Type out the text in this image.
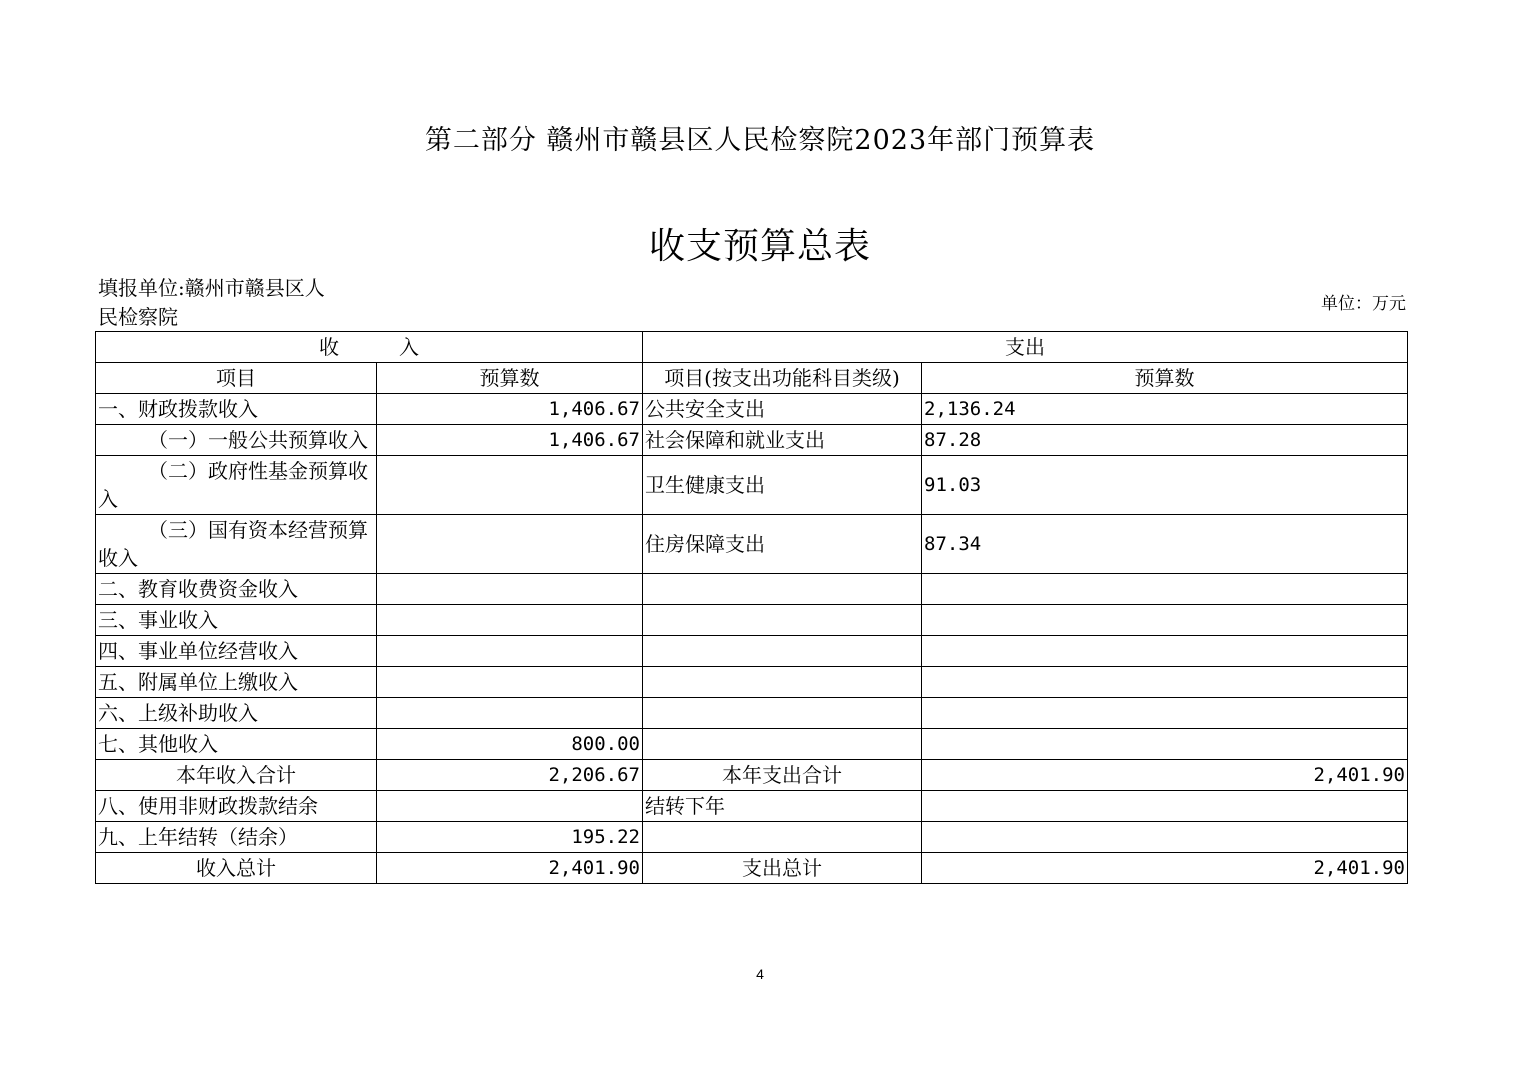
第二部分 赣州市赣县区人民检察院2023年部门预算表
收支预算总表
填报单位:赣州市赣县区人民检察院
单位：万元
收　　　入		支出	
项目	预算数	项目(按支出功能科目类级)	预算数
一、财政拨款收入	1,406.67	公共安全支出	2,136.24
（一）一般公共预算收入	1,406.67	社会保障和就业支出	87.28
（二）政府性基金预算收入		卫生健康支出	91.03
（三）国有资本经营预算收入		住房保障支出	87.34
二、教育收费资金收入			
三、事业收入			
四、事业单位经营收入			
五、附属单位上缴收入			
六、上级补助收入			
七、其他收入	800.00		
本年收入合计	2,206.67	本年支出合计	2,401.90
八、使用非财政拨款结余		结转下年	
九、上年结转（结余）	195.22		
收入总计	2,401.90	支出总计	2,401.90
4
